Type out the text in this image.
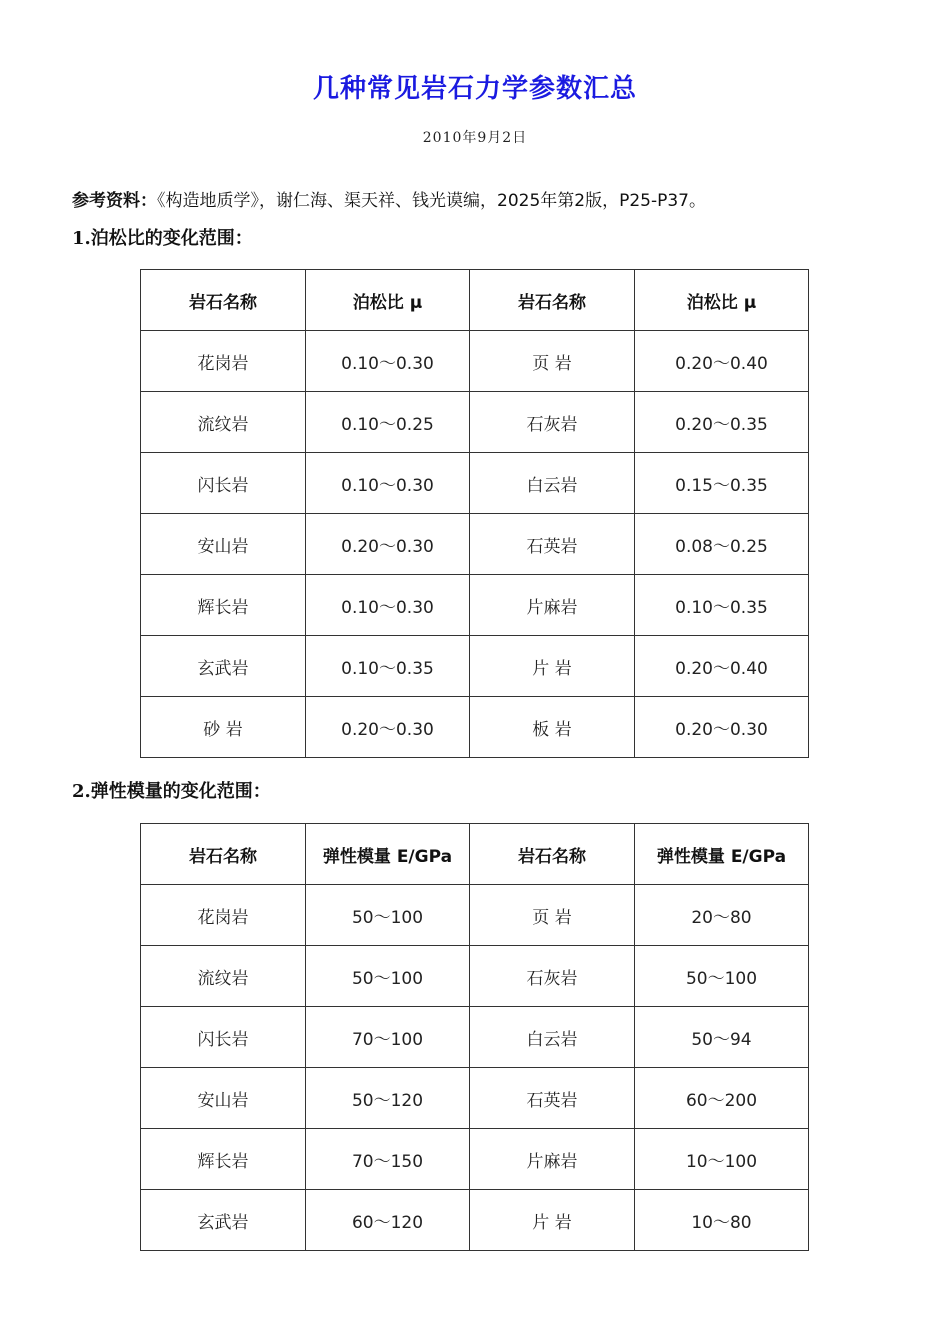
几种常见岩石力学参数汇总
2010年9月2日
参考资料：《构造地质学》，谢仁海、渠天祥、钱光谟编，2025年第2版，P25-P37。
1.泊松比的变化范围：
岩石名称	泊松比 μ	岩石名称	泊松比 μ
花岗岩	0.10～0.30	页 岩	0.20～0.40
流纹岩	0.10～0.25	石灰岩	0.20～0.35
闪长岩	0.10～0.30	白云岩	0.15～0.35
安山岩	0.20～0.30	石英岩	0.08～0.25
辉长岩	0.10～0.30	片麻岩	0.10～0.35
玄武岩	0.10～0.35	片 岩	0.20～0.40
砂 岩	0.20～0.30	板 岩	0.20～0.30
2.弹性模量的变化范围：
岩石名称	弹性模量 E/GPa	岩石名称	弹性模量 E/GPa
花岗岩	50～100	页 岩	20～80
流纹岩	50～100	石灰岩	50～100
闪长岩	70～100	白云岩	50～94
安山岩	50～120	石英岩	60～200
辉长岩	70～150	片麻岩	10～100
玄武岩	60～120	片 岩	10～80
